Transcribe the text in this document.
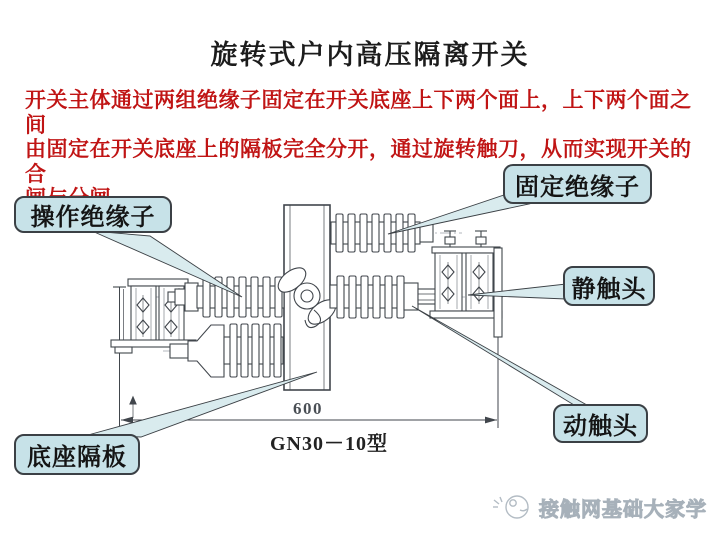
600
旋转式户内高压隔离开关
开关主体通过两组绝缘子固定在开关底座上下两个面上，上下两个面之间
由固定在开关底座上的隔板完全分开，通过旋转触刀，从而实现开关的合
操作绝缘子
固定绝缘子
静触头
动触头
底座隔板
GN30－10型
接触网基础大家学
